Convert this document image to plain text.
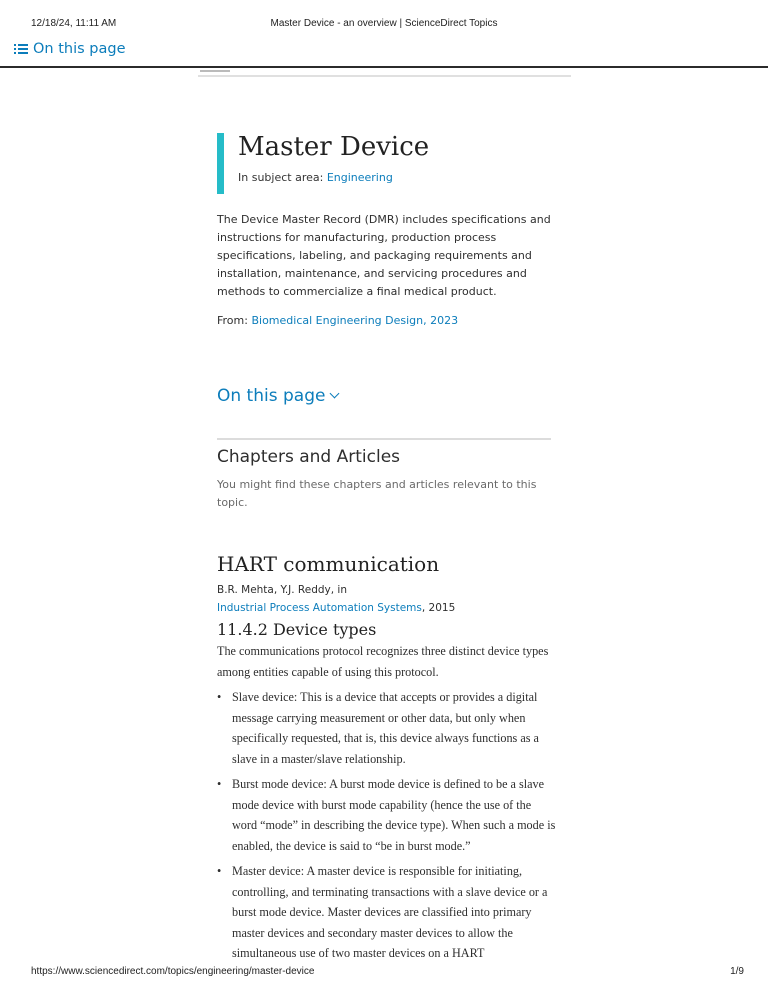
12/18/24, 11:11 AM	Master Device - an overview | ScienceDirect Topics
On this page
Master Device
In subject area: Engineering

The Device Master Record (DMR) includes specifications and instructions for manufacturing, production process specifications, labeling, and packaging requirements and installation, maintenance, and servicing procedures and methods to commercialize a final medical product.

From: Biomedical Engineering Design, 2023
On this page
Chapters and Articles

You might find these chapters and articles relevant to this topic.

HART communication
B.R. Mehta, Y.J. Reddy, in
Industrial Process Automation Systems, 2015
11.4.2 Device types

The communications protocol recognizes three distinct device types among entities capable of using this protocol.

• Slave device: This is a device that accepts or provides a digital message carrying measurement or other data, but only when specifically requested, that is, this device always functions as a slave in a master/slave relationship.
• Burst mode device: A burst mode device is defined to be a slave mode device with burst mode capability (hence the use of the word “mode” in describing the device type). When such a mode is enabled, the device is said to “be in burst mode.”
• Master device: A master device is responsible for initiating, controlling, and terminating transactions with a slave device or a burst mode device. Master devices are classified into primary master devices and secondary master devices to allow the simultaneous use of two master devices on a HART
https://www.sciencedirect.com/topics/engineering/master-device	1/9
